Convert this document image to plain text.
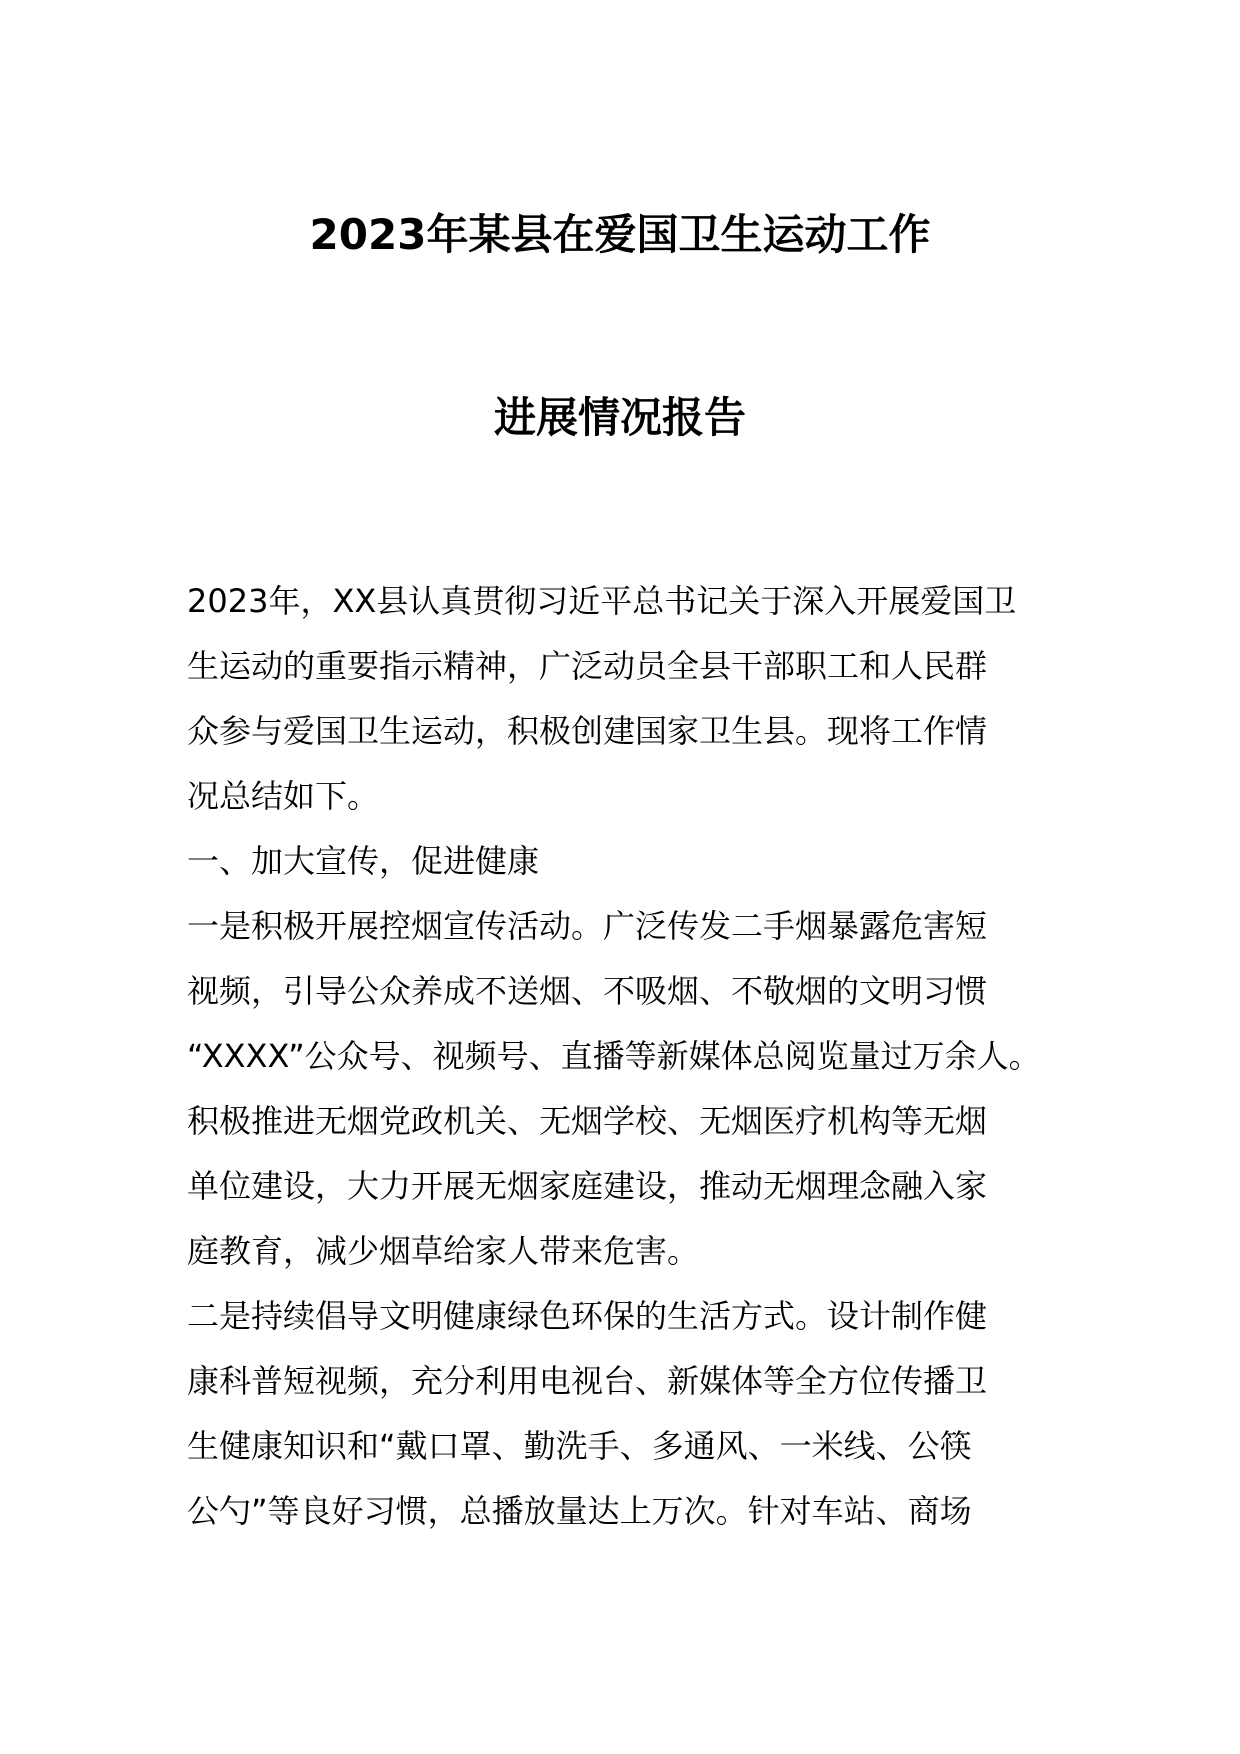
2023年某县在爱国卫生运动工作
进展情况报告
2023年，XX县认真贯彻习近平总书记关于深入开展爱国卫
生运动的重要指示精神，广泛动员全县干部职工和人民群
众参与爱国卫生运动，积极创建国家卫生县。现将工作情
况总结如下。
一、加大宣传，促进健康
一是积极开展控烟宣传活动。广泛传发二手烟暴露危害短
视频，引导公众养成不送烟、不吸烟、不敬烟的文明习惯
“XXXX”公众号、视频号、直播等新媒体总阅览量过万余人。
积极推进无烟党政机关、无烟学校、无烟医疗机构等无烟
单位建设，大力开展无烟家庭建设，推动无烟理念融入家
庭教育，减少烟草给家人带来危害。
二是持续倡导文明健康绿色环保的生活方式。设计制作健
康科普短视频，充分利用电视台、新媒体等全方位传播卫
生健康知识和“戴口罩、勤洗手、多通风、一米线、公筷
公勺”等良好习惯，总播放量达上万次。针对车站、商场
